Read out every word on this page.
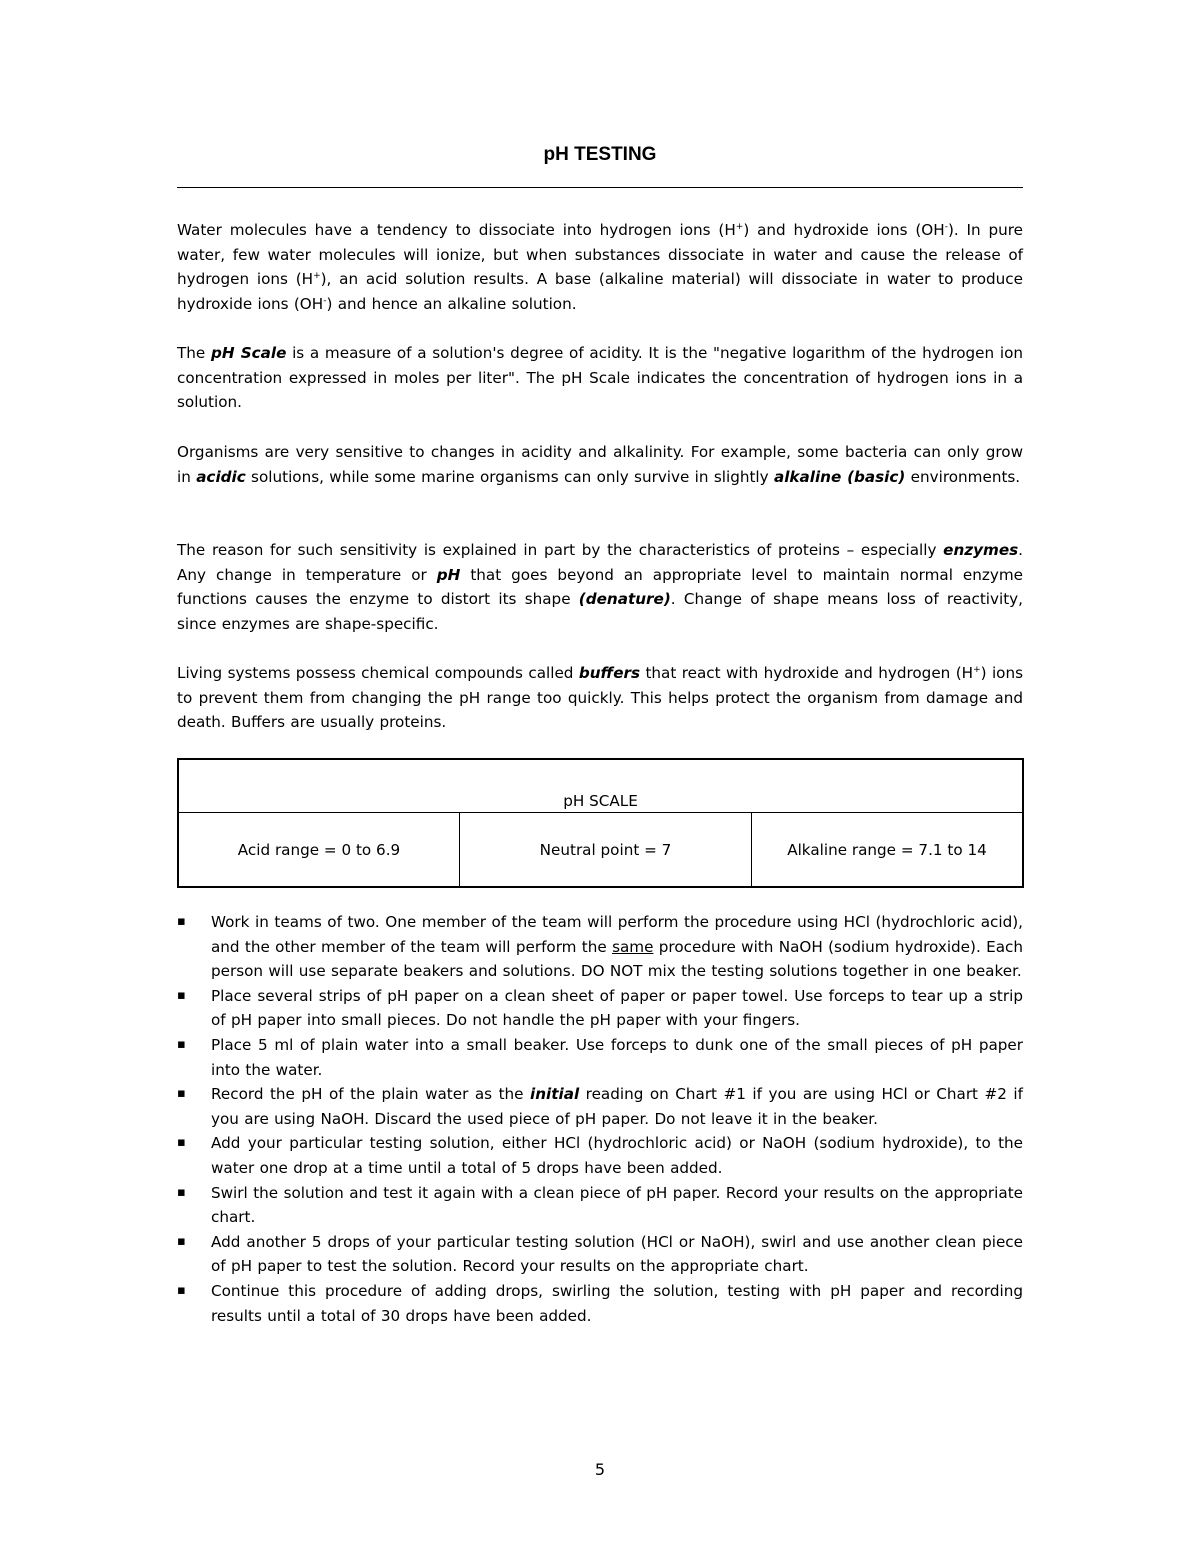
pH TESTING

Water molecules have a tendency to dissociate into hydrogen ions (H+) and hydroxide ions (OH-). In pure water, few water molecules will ionize, but when substances dissociate in water and cause the release of hydrogen ions (H+), an acid solution results. A base (alkaline material) will dissociate in water to produce hydroxide ions (OH-) and hence an alkaline solution.

The pH Scale is a measure of a solution's degree of acidity. It is the "negative logarithm of the hydrogen ion concentration expressed in moles per liter". The pH Scale indicates the concentration of hydrogen ions in a solution.

Organisms are very sensitive to changes in acidity and alkalinity. For example, some bacteria can only grow in acidic solutions, while some marine organisms can only survive in slightly alkaline (basic) environments.

The reason for such sensitivity is explained in part by the characteristics of proteins – especially enzymes. Any change in temperature or pH that goes beyond an appropriate level to maintain normal enzyme functions causes the enzyme to distort its shape (denature). Change of shape means loss of reactivity, since enzymes are shape-specific.

Living systems possess chemical compounds called buffers that react with hydroxide and hydrogen (H+) ions to prevent them from changing the pH range too quickly. This helps protect the organism from damage and death. Buffers are usually proteins.

pH SCALE
Acid range = 0 to 6.9	Neutral point = 7	Alkaline range = 7.1 to 14
▪ Work in teams of two. One member of the team will perform the procedure using HCl (hydrochloric acid), and the other member of the team will perform the same procedure with NaOH (sodium hydroxide). Each person will use separate beakers and solutions. DO NOT mix the testing solutions together in one beaker.
▪ Place several strips of pH paper on a clean sheet of paper or paper towel. Use forceps to tear up a strip of pH paper into small pieces. Do not handle the pH paper with your fingers.
▪ Place 5 ml of plain water into a small beaker. Use forceps to dunk one of the small pieces of pH paper into the water.
▪ Record the pH of the plain water as the initial reading on Chart #1 if you are using HCl or Chart #2 if you are using NaOH. Discard the used piece of pH paper. Do not leave it in the beaker.
▪ Add your particular testing solution, either HCl (hydrochloric acid) or NaOH (sodium hydroxide), to the water one drop at a time until a total of 5 drops have been added.
▪ Swirl the solution and test it again with a clean piece of pH paper. Record your results on the appropriate chart.
▪ Add another 5 drops of your particular testing solution (HCl or NaOH), swirl and use another clean piece of pH paper to test the solution. Record your results on the appropriate chart.
▪ Continue this procedure of adding drops, swirling the solution, testing with pH paper and recording results until a total of 30 drops have been added.
5
